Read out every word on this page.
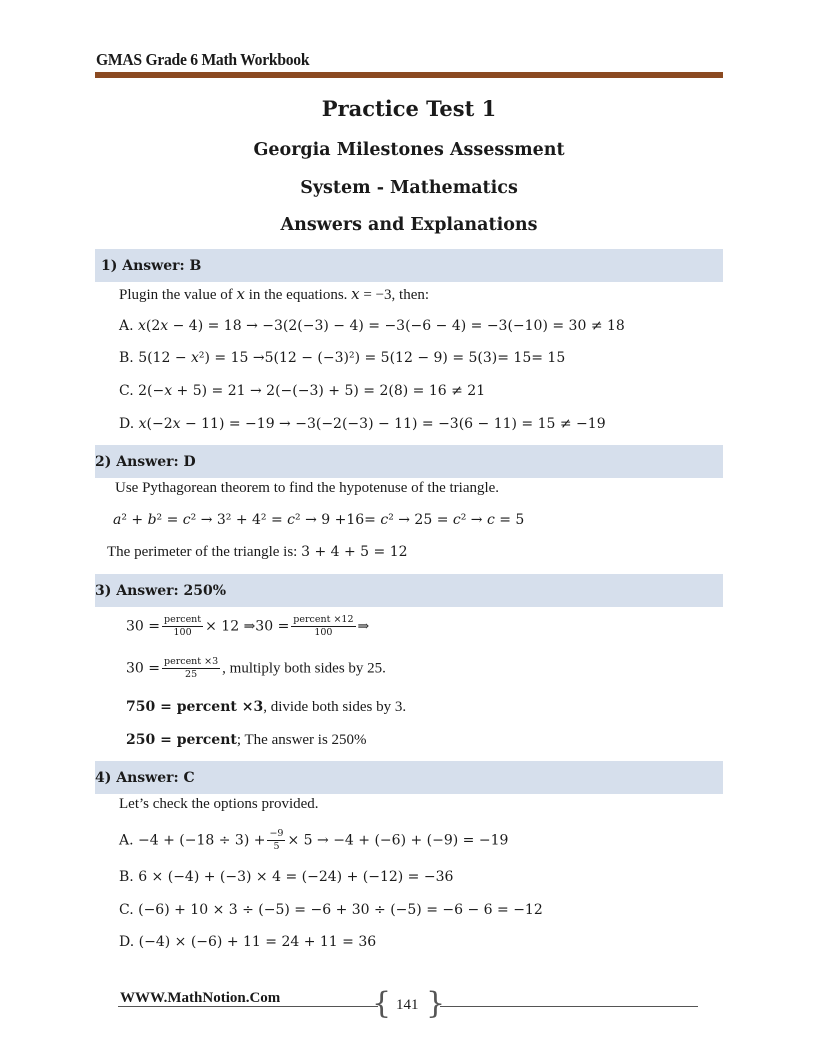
GMAS Grade 6 Math Workbook
Practice Test 1
Georgia Milestones Assessment
System - Mathematics
Answers and Explanations
1) Answer: B
Plugin the value of 𝑥 in the equations. 𝑥 = −3, then:
A. 𝑥(2𝑥 − 4) = 18 → −3(2(−3) − 4) = −3(−6 − 4) = −3(−10) = 30 ≠ 18
B. 5(12 − 𝑥²) = 15 →5(12 − (−3)²) = 5(12 − 9) = 5(3)= 15= 15
C. 2(−𝑥 + 5) = 21 → 2(−(−3) + 5) = 2(8) = 16 ≠ 21
D. 𝑥(−2𝑥 − 11) = −19 → −3(−2(−3) − 11) = −3(6 − 11) = 15 ≠ −19
2) Answer: D
Use Pythagorean theorem to find the hypotenuse of the triangle.
𝑎² + 𝑏² = 𝑐² → 3² + 4² = 𝑐² → 9 +16= 𝑐² → 25 = 𝑐² → 𝑐 = 5
The perimeter of the triangle is: 3 + 4 + 5 = 12
3) Answer: 250%
$30 = \frac{\text{percent}}{100} \times 12$ ⇒30 = $\frac{\text{percent ×12}}{100}$ ⇒
$30 = \frac{\text{percent ×3}}{25}$ , multiply both sides by 25.
750 = percent ×3, divide both sides by 3.
250 = percent; The answer is 250%
4) Answer: C
Let’s check the options provided.
A. $-4 + (-18 \div 3) + \frac{-9}{5} \times 5 \to -4 + (-6) + (-9) = -19$
B. 6 × (−4) + (−3) × 4 = (−24) + (−12) = −36
C. (−6) + 10 × 3 ÷ (−5) = −6 + 30 ÷ (−5) = −6 − 6 = −12
D. (−4) × (−6) + 11 = 24 + 11 = 36
WWW.MathNotion.Com	{ }
141
